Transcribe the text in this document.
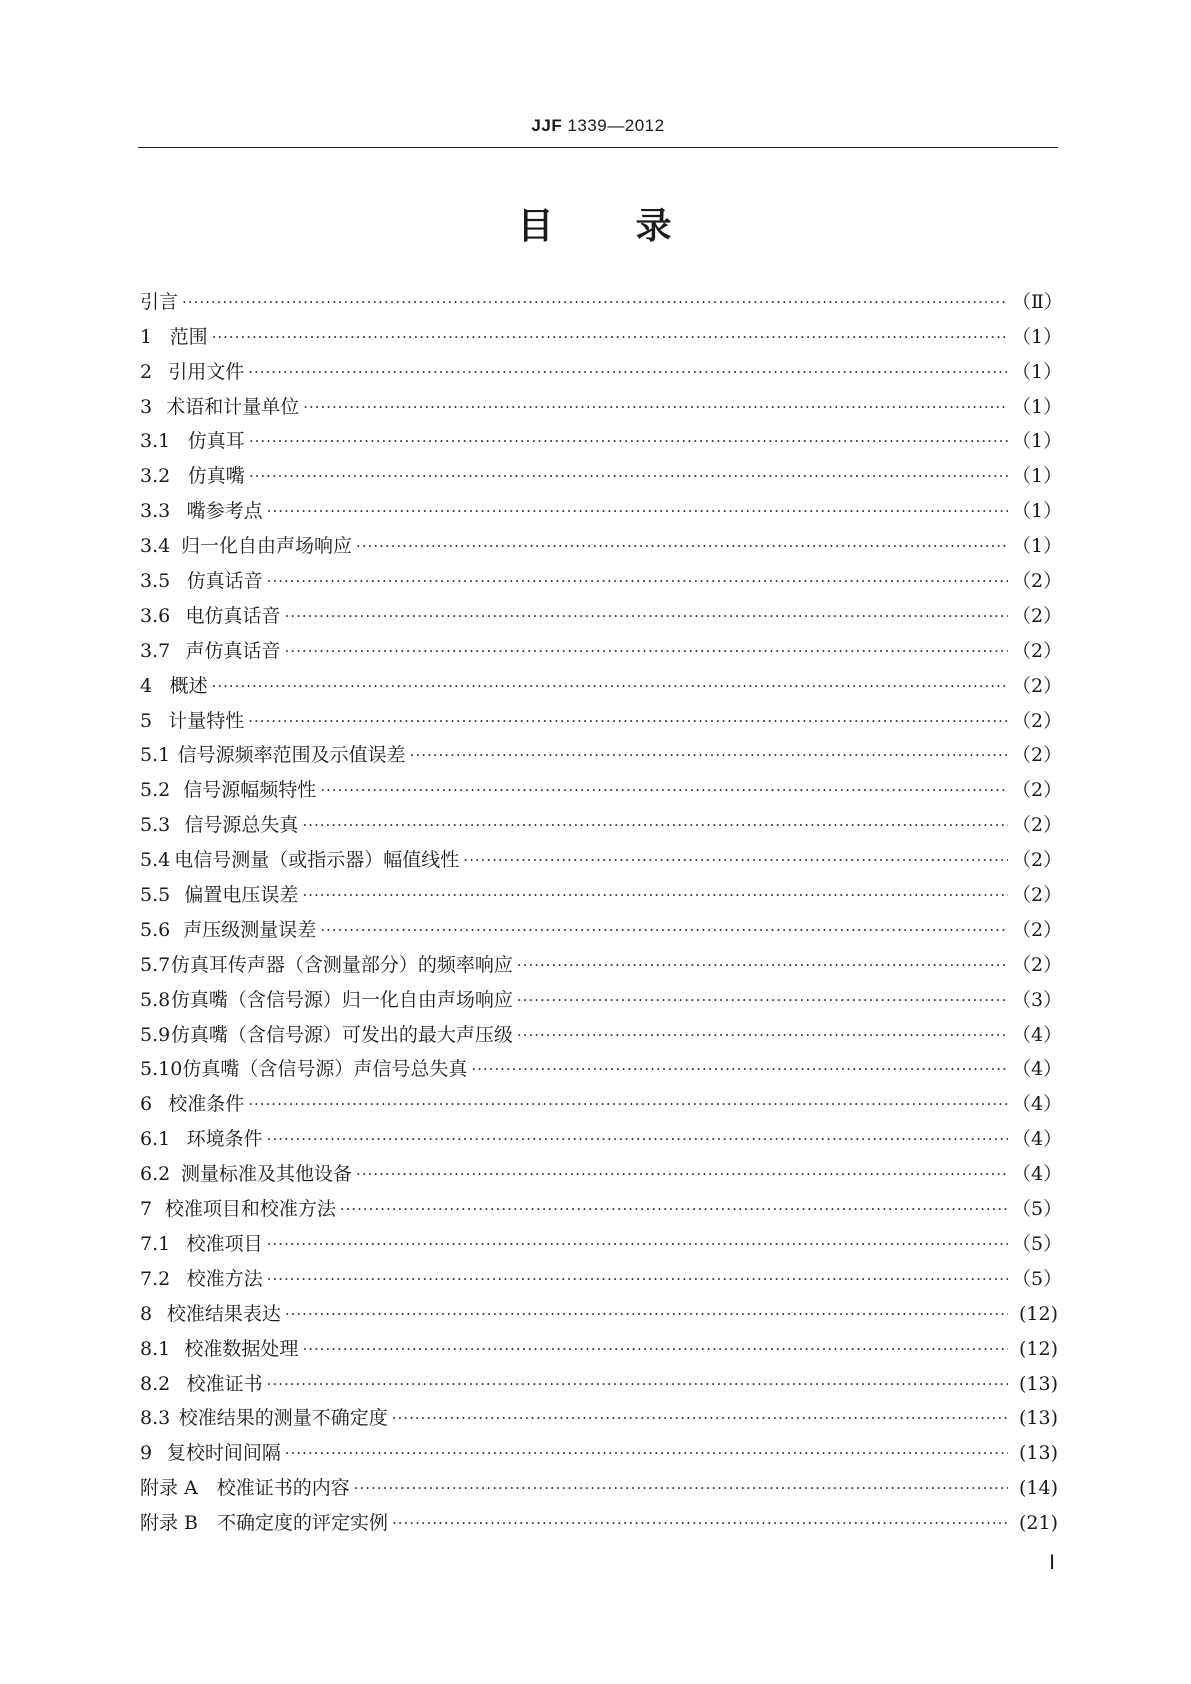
JJF 1339—2012
目 录
引言 ·····	（Ⅱ）
1 范围 ·····	（1）
2 引用文件 ·····	（1）
3 术语和计量单位 ·····	（1）
3.1 仿真耳 ·····	（1）
3.2 仿真嘴 ·····	（1）
3.3 嘴参考点 ·····	（1）
3.4 归一化自由声场响应 ·····	（1）
3.5 仿真话音 ·····	（2）
3.6 电仿真话音 ·····	（2）
3.7 声仿真话音 ·····	（2）
4 概述 ·····	（2）
5 计量特性 ·····	（2）
5.1 信号源频率范围及示值误差 ·····	（2）
5.2 信号源幅频特性 ·····	（2）
5.3 信号源总失真 ·····	（2）
5.4 电信号测量（或指示器）幅值线性 ·····	（2）
5.5 偏置电压误差 ·····	（2）
5.6 声压级测量误差 ·····	（2）
5.7 仿真耳传声器（含测量部分）的频率响应 ·····	（2）
5.8 仿真嘴（含信号源）归一化自由声场响应 ·····	（3）
5.9 仿真嘴（含信号源）可发出的最大声压级 ·····	（4）
5.10 仿真嘴（含信号源）声信号总失真 ·····	（4）
6 校准条件 ·····	（4）
6.1 环境条件 ·····	（4）
6.2 测量标准及其他设备 ·····	（4）
7 校准项目和校准方法 ·····	（5）
7.1 校准项目 ·····	（5）
7.2 校准方法 ·····	（5）
8 校准结果表达 ·····	(12)
8.1 校准数据处理 ·····	(12)
8.2 校准证书 ·····	(13)
8.3 校准结果的测量不确定度 ·····	(13)
9 复校时间间隔 ·····	(13)
附录 A　校准证书的内容 ·····	(14)
附录 B　不确定度的评定实例 ·····	(21)
Ⅰ
